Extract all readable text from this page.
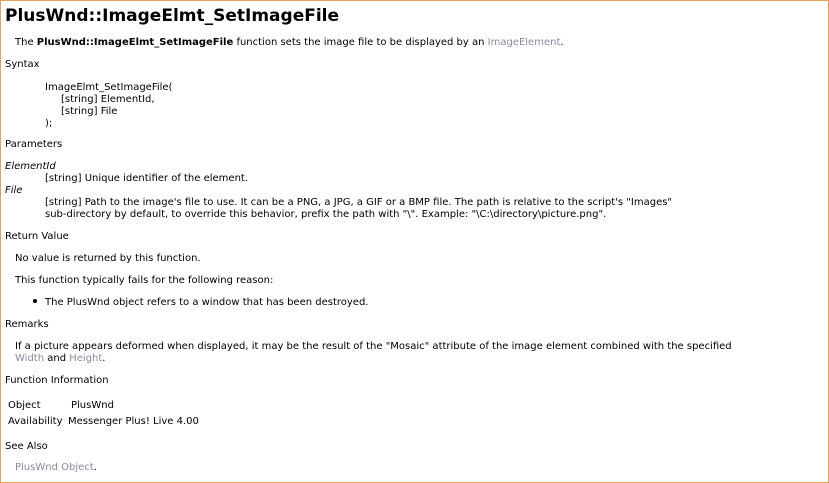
PlusWnd::ImageElmt_SetImageFile
The PlusWnd::ImageElmt_SetImageFile function sets the image file to be displayed by an ImageElement.
Syntax
ImageElmt_SetImageFile(
[string] ElementId,
[string] File
);
Parameters
ElementId
[string] Unique identifier of the element.
File
[string] Path to the image's file to use. It can be a PNG, a JPG, a GIF or a BMP file. The path is relative to the script's "Images"
sub-directory by default, to override this behavior, prefix the path with "\". Example: "\C:\directory\picture.png".
Return Value
No value is returned by this function.
This function typically fails for the following reason:
The PlusWnd object refers to a window that has been destroyed.
Remarks
If a picture appears deformed when displayed, it may be the result of the "Mosaic" attribute of the image element combined with the specified
Width and Height.
Function Information
Object	PlusWnd
Availability Messenger Plus! Live 4.00
See Also
PlusWnd Object.
